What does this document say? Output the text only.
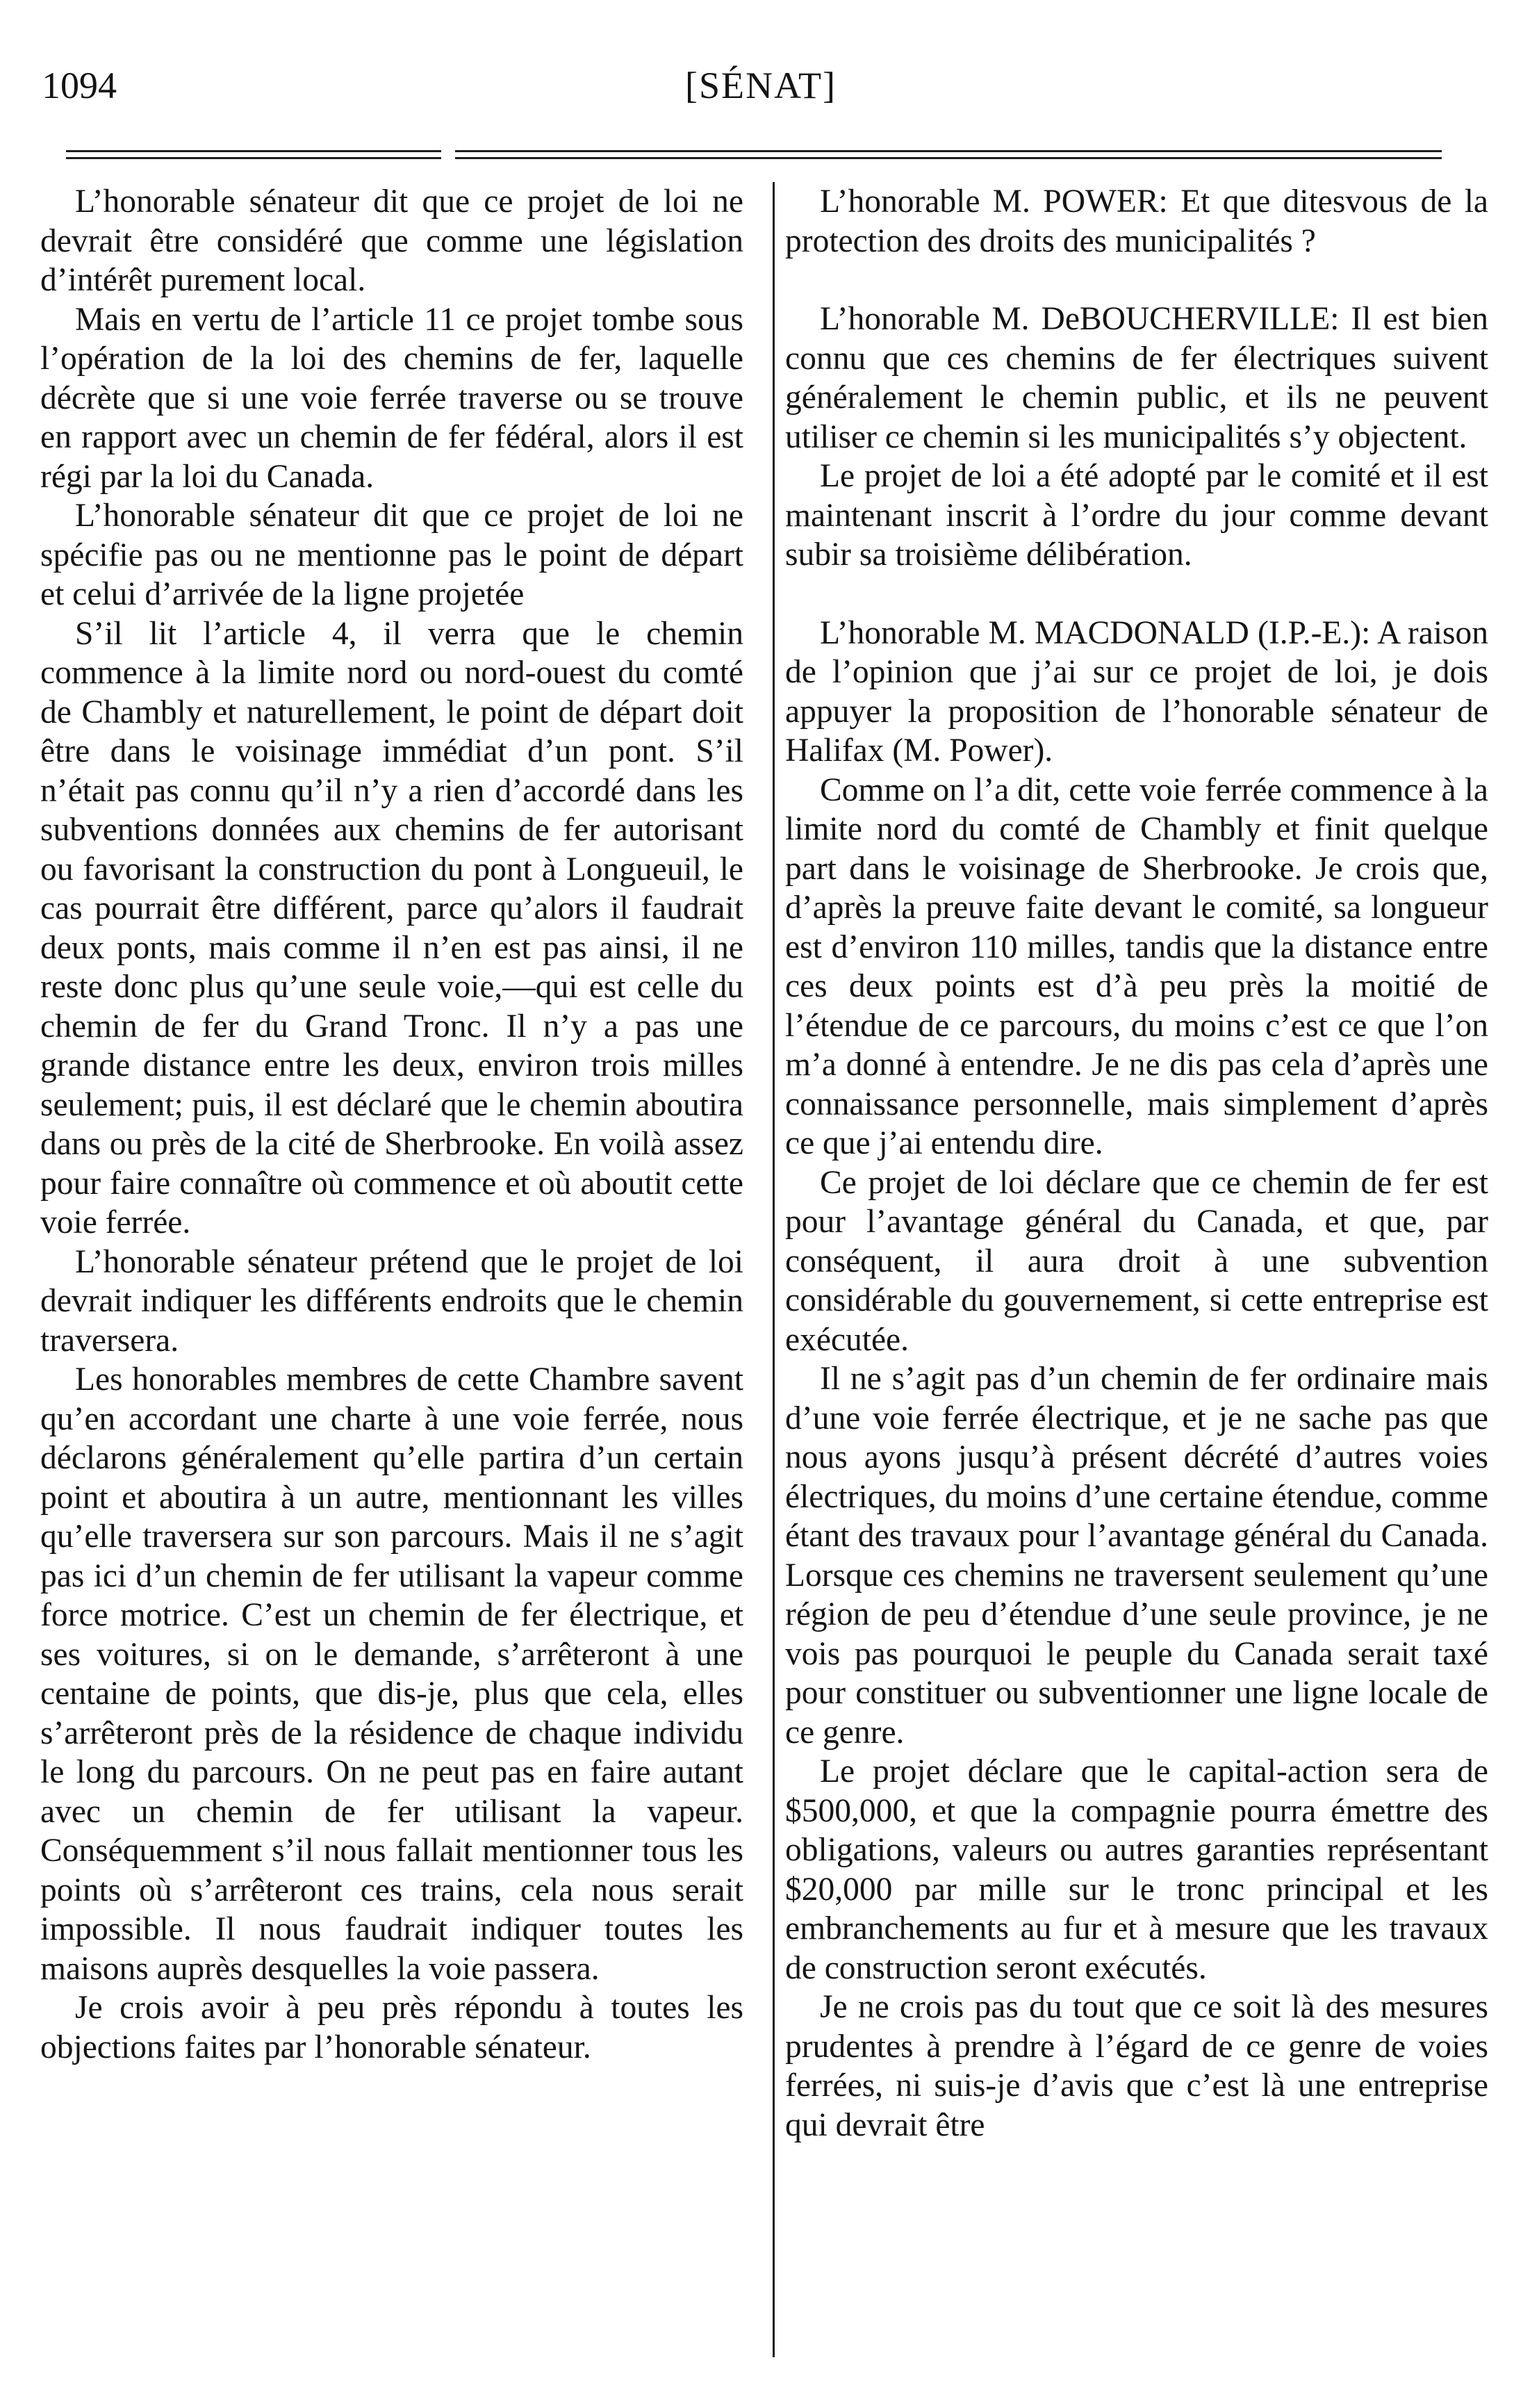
1094	[SÉNAT]

L’honorable sénateur dit que ce projet de loi ne devrait être considéré que comme une législation d’intérêt purement local.

Mais en vertu de l’article 11 ce projet tombe sous l’opération de la loi des chemins de fer, laquelle décrète que si une voie ferrée traverse ou se trouve en rapport avec un chemin de fer fédéral, alors il est régi par la loi du Canada.

L’honorable sénateur dit que ce projet de loi ne spécifie pas ou ne mentionne pas le point de départ et celui d’arrivée de la ligne projetée

S’il lit l’article 4, il verra que le chemin commence à la limite nord ou nord-ouest du comté de Chambly et naturellement, le point de départ doit être dans le voisinage immédiat d’un pont. S’il n’était pas connu qu’il n’y a rien d’accordé dans les subventions données aux chemins de fer autorisant ou favorisant la construction du pont à Longueuil, le cas pourrait être différent, parce qu’alors il faudrait deux ponts, mais comme il n’en est pas ainsi, il ne reste donc plus qu’une seule voie,—qui est celle du chemin de fer du Grand Tronc. Il n’y a pas une grande distance entre les deux, environ trois milles seulement; puis, il est déclaré que le chemin aboutira dans ou près de la cité de Sherbrooke. En voilà assez pour faire connaître où commence et où aboutit cette voie ferrée.

L’honorable sénateur prétend que le projet de loi devrait indiquer les différents endroits que le chemin traversera.

Les honorables membres de cette Chambre savent qu’en accordant une charte à une voie ferrée, nous déclarons généralement qu’elle partira d’un certain point et aboutira à un autre, mentionnant les villes qu’elle traversera sur son parcours. Mais il ne s’agit pas ici d’un chemin de fer utilisant la vapeur comme force motrice. C’est un chemin de fer électrique, et ses voitures, si on le demande, s’arrêteront à une centaine de points, que dis-je, plus que cela, elles s’arrêteront près de la résidence de chaque individu le long du parcours. On ne peut pas en faire autant avec un chemin de fer utilisant la vapeur. Conséquemment s’il nous fallait mentionner tous les points où s’arrêteront ces trains, cela nous serait impossible. Il nous faudrait indiquer toutes les maisons auprès desquelles la voie passera.

Je crois avoir à peu près répondu à toutes les objections faites par l’honorable sénateur.

L’honorable M. POWER: Et que ditesvous de la protection des droits des municipalités ?

L’honorable M. DeBOUCHERVILLE: Il est bien connu que ces chemins de fer électriques suivent généralement le chemin public, et ils ne peuvent utiliser ce chemin si les municipalités s’y objectent.

Le projet de loi a été adopté par le comité et il est maintenant inscrit à l’ordre du jour comme devant subir sa troisième délibération.

L’honorable M. MACDONALD (I.P.-E.): A raison de l’opinion que j’ai sur ce projet de loi, je dois appuyer la proposition de l’honorable sénateur de Halifax (M. Power).

Comme on l’a dit, cette voie ferrée commence à la limite nord du comté de Chambly et finit quelque part dans le voisinage de Sherbrooke. Je crois que, d’après la preuve faite devant le comité, sa longueur est d’environ 110 milles, tandis que la distance entre ces deux points est d’à peu près la moitié de l’étendue de ce parcours, du moins c’est ce que l’on m’a donné à entendre. Je ne dis pas cela d’après une connaissance personnelle, mais simplement d’après ce que j’ai entendu dire.

Ce projet de loi déclare que ce chemin de fer est pour l’avantage général du Canada, et que, par conséquent, il aura droit à une subvention considérable du gouvernement, si cette entreprise est exécutée.

Il ne s’agit pas d’un chemin de fer ordinaire mais d’une voie ferrée électrique, et je ne sache pas que nous ayons jusqu’à présent décrété d’autres voies électriques, du moins d’une certaine étendue, comme étant des travaux pour l’avantage général du Canada. Lorsque ces chemins ne traversent seulement qu’une région de peu d’étendue d’une seule province, je ne vois pas pourquoi le peuple du Canada serait taxé pour constituer ou subventionner une ligne locale de ce genre.

Le projet déclare que le capital-action sera de $500,000, et que la compagnie pourra émettre des obligations, valeurs ou autres garanties représentant $20,000 par mille sur le tronc principal et les embranchements au fur et à mesure que les travaux de construction seront exécutés.

Je ne crois pas du tout que ce soit là des mesures prudentes à prendre à l’égard de ce genre de voies ferrées, ni suis-je d’avis que c’est là une entreprise qui devrait être
